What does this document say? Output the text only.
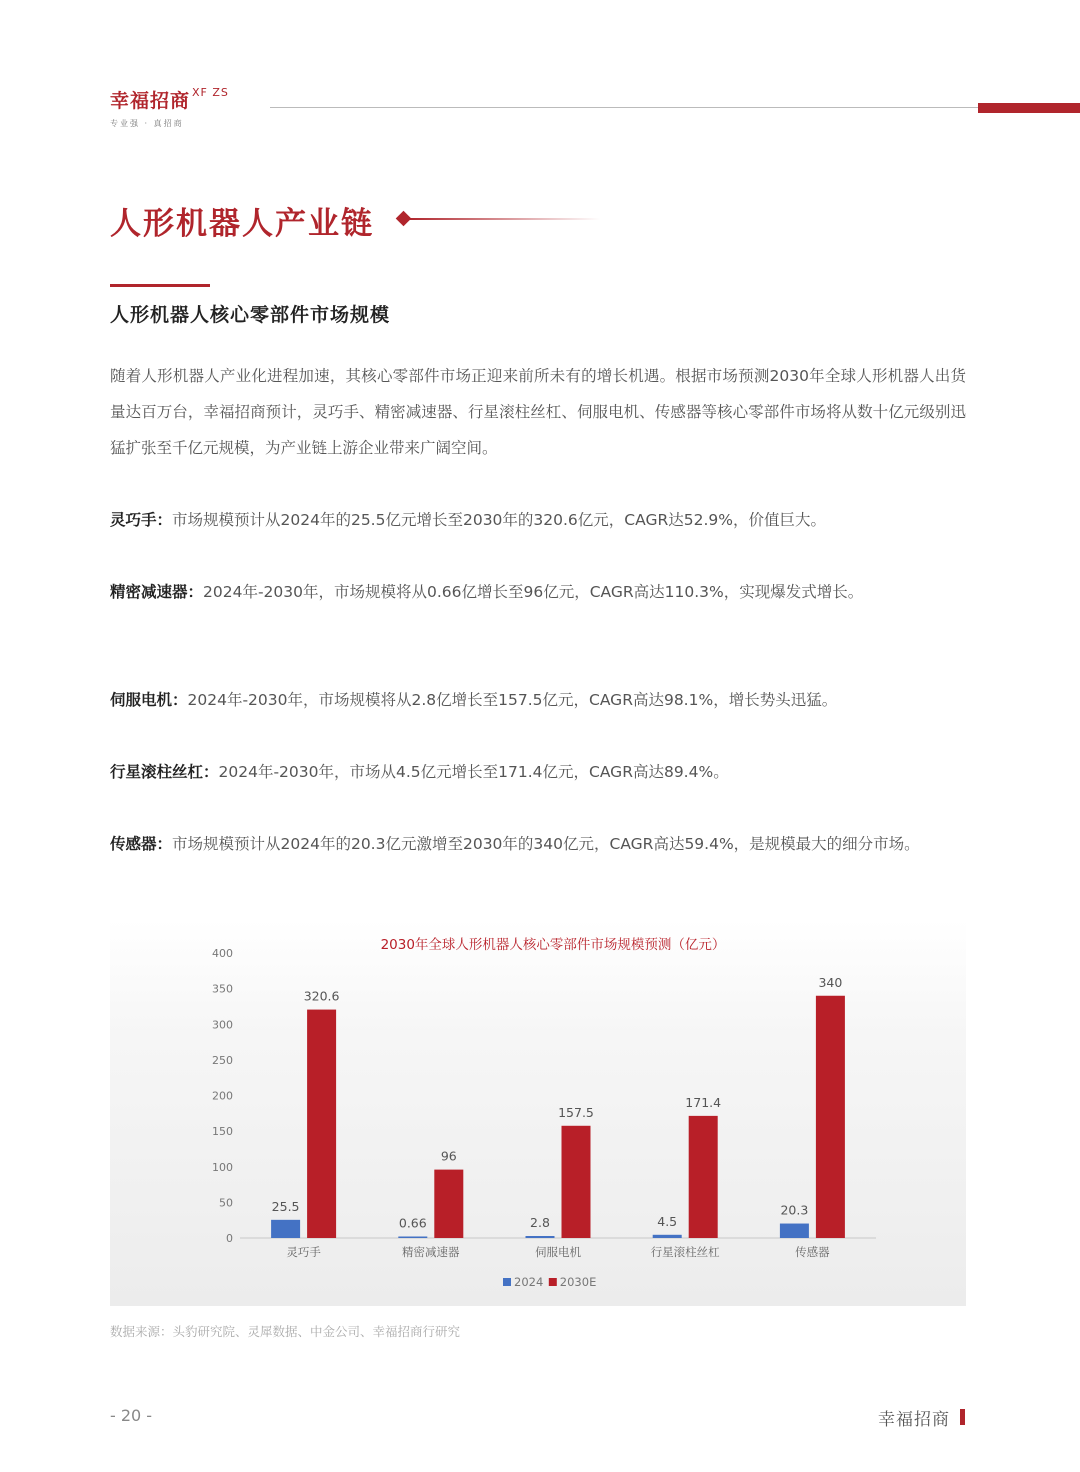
幸福招商 $^{XF ZS}$
专业强 · 真招商
人形机器人产业链
人形机器人核心零部件市场规模
随着人形机器人产业化进程加速，其核心零部件市场正迎来前所未有的增长机遇。根据市场预测2030年全球人形机器人出货量达百万台，幸福招商预计，灵巧手、精密减速器、行星滚柱丝杠、伺服电机、传感器等核心零部件市场将从数十亿元级别迅猛扩张至千亿元规模，为产业链上游企业带来广阔空间。
灵巧手：市场规模预计从2024年的25.5亿元增长至2030年的320.6亿元，CAGR达52.9%，价值巨大。
精密减速器：2024年-2030年，市场规模将从0.66亿增长至96亿元，CAGR高达110.3%，实现爆发式增长。
伺服电机：2024年-2030年，市场规模将从2.8亿增长至157.5亿元，CAGR高达98.1%，增长势头迅猛。
行星滚柱丝杠：2024年-2030年，市场从4.5亿元增长至171.4亿元，CAGR高达89.4%。
传感器：市场规模预计从2024年的20.3亿元激增至2030年的340亿元，CAGR高达59.4%，是规模最大的细分市场。
2030年全球人形机器人核心零部件市场规模预测（亿元）
0
50
100
150
200
250
300
350
400
25.5
320.6
灵巧手
0.66
96
精密减速器
2.8
157.5
伺服电机
4.5
171.4
行星滚柱丝杠
20.3
340
传感器
2024 2030E
数据来源：头豹研究院、灵犀数据、中金公司、幸福招商行研究
- 20 -	幸福招商
